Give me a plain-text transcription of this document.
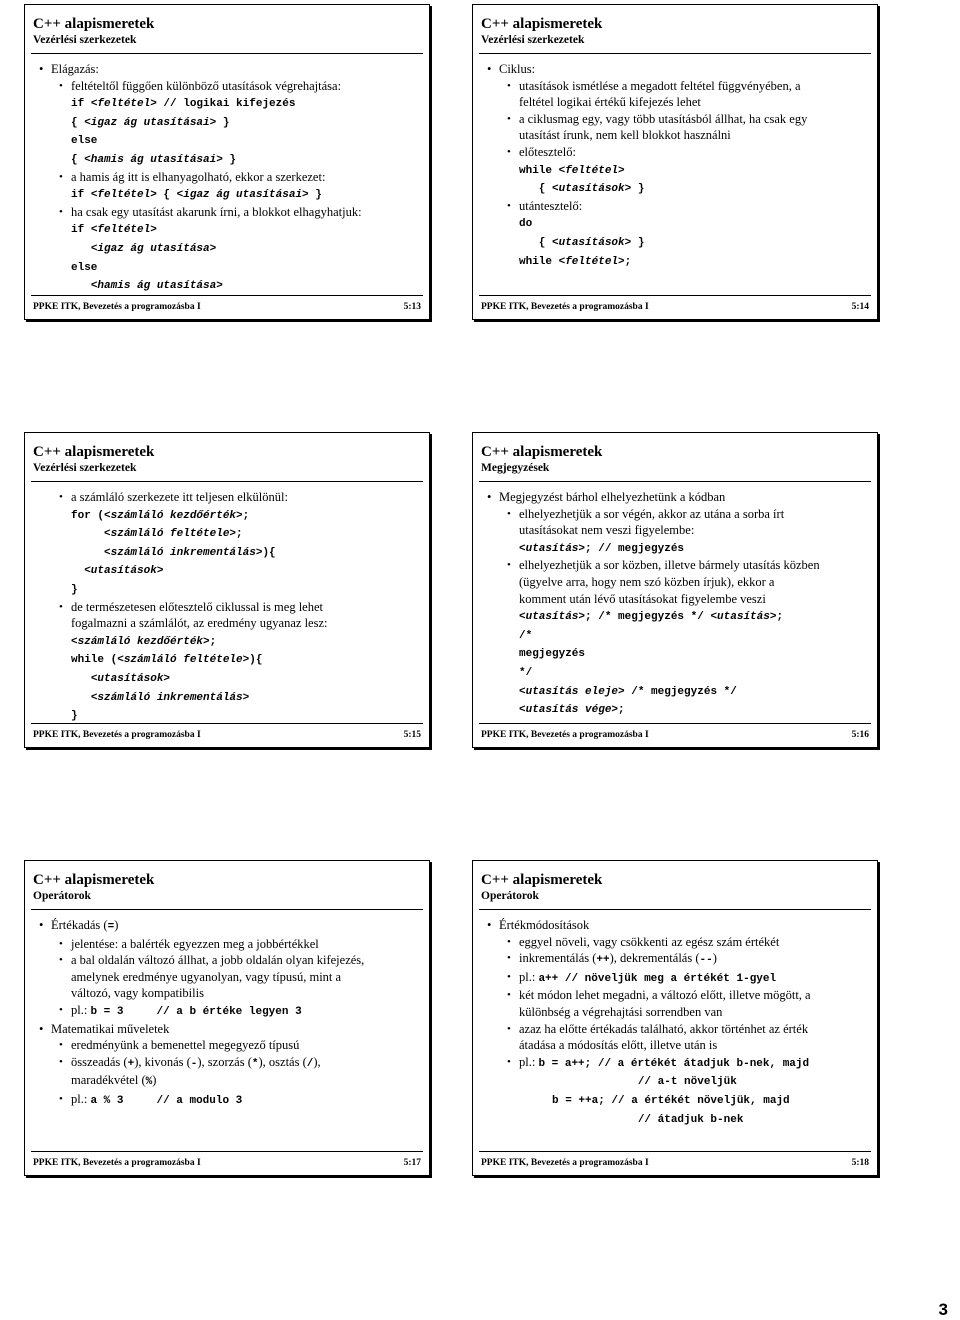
C++ alapismeretek
Vezérlési szerkezetek
• Elágazás:
• feltételtől függően különböző utasítások végrehajtása:
if <feltétel> // logikai kifejezés
{ <igaz ág utasításai> }
else
{ <hamis ág utasításai> }
• a hamis ág itt is elhanyagolható, ekkor a szerkezet:
if <feltétel> { <igaz ág utasításai> }
• ha csak egy utasítást akarunk írni, a blokkot elhagyhatjuk:
if <feltétel>
<igaz ág utasítása>
else
<hamis ág utasítása>
PPKE ITK, Bevezetés a programozásba I	5:13
C++ alapismeretek
Vezérlési szerkezetek
• Ciklus:
• utasítások ismétlése a megadott feltétel függvényében, a
feltétel logikai értékű kifejezés lehet
• a ciklusmag egy, vagy több utasításból állhat, ha csak egy
utasítást írunk, nem kell blokkot használni
• előtesztelő:
while <feltétel>
{ <utasítások> }
• utántesztelő:
do
{ <utasítások> }
while <feltétel>;
PPKE ITK, Bevezetés a programozásba I	5:14
C++ alapismeretek
Vezérlési szerkezetek
• a számláló szerkezete itt teljesen elkülönül:
for (<számláló kezdőérték>;
<számláló feltétele>;
<számláló inkrementálás>){
<utasítások>
}
• de természetesen előtesztelő ciklussal is meg lehet
fogalmazni a számlálót, az eredmény ugyanaz lesz:
<számláló kezdőérték>;
while (<számláló feltétele>){
<utasítások>
<számláló inkrementálás>
}
PPKE ITK, Bevezetés a programozásba I	5:15
C++ alapismeretek
Megjegyzések
• Megjegyzést bárhol elhelyezhetünk a kódban
• elhelyezhetjük a sor végén, akkor az utána a sorba írt
utasításokat nem veszi figyelembe:
<utasítás>; // megjegyzés
• elhelyezhetjük a sor közben, illetve bármely utasítás közben
(ügyelve arra, hogy nem szó közben írjuk), ekkor a
komment után lévő utasításokat figyelembe veszi
<utasítás>; /* megjegyzés */ <utasítás>;
/*
megjegyzés
*/
<utasítás eleje> /* megjegyzés */
<utasítás vége>;
PPKE ITK, Bevezetés a programozásba I	5:16
C++ alapismeretek
Operátorok
• Értékadás (=)
• jelentése: a balérték egyezzen meg a jobbértékkel
• a bal oldalán változó állhat, a jobb oldalán olyan kifejezés,
amelynek eredménye ugyanolyan, vagy típusú, mint a
változó, vagy kompatibilis
• pl.: b = 3     // a b értéke legyen 3
• Matematikai műveletek
• eredményünk a bemenettel megegyező típusú
• összeadás (+), kivonás (-), szorzás (*), osztás (/),
maradékvétel (%)
• pl.: a % 3     // a modulo 3
PPKE ITK, Bevezetés a programozásba I	5:17
C++ alapismeretek
Operátorok
• Értékmódosítások
• eggyel növeli, vagy csökkenti az egész szám értékét
• inkrementálás (++), dekrementálás (--)
• pl.: a++ // növeljük meg a értékét 1-gyel
• két módon lehet megadni, a változó előtt, illetve mögött, a
különbség a végrehajtási sorrendben van
• azaz ha előtte értékadás található, akkor történhet az érték
átadása a módosítás előtt, illetve után is
• pl.: b = a++; // a értékét átadjuk b-nek, majd
// a-t növeljük
b = ++a; // a értékét növeljük, majd
// átadjuk b-nek
PPKE ITK, Bevezetés a programozásba I	5:18
3
